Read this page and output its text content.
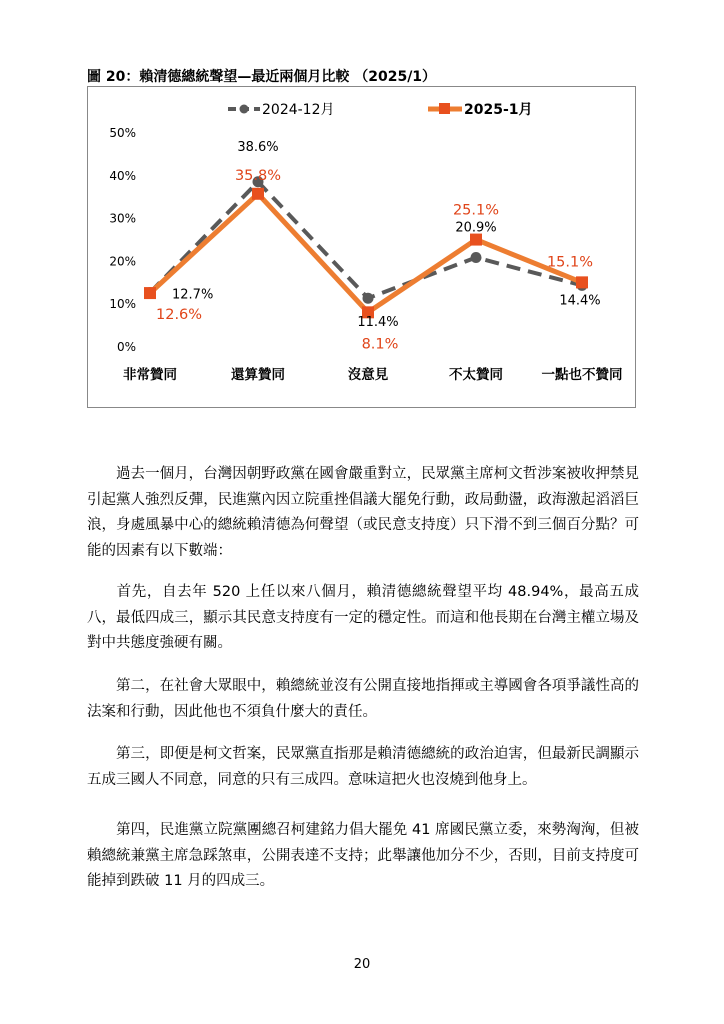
圖 20：賴清德總統聲望—最近兩個月比較 （2025/1）
2024-12月	2025-1月
0%
10%
20%
30%
40%
50%
非常贊同	還算贊同	沒意見	不太贊同	一點也不贊同
12.7%
38.6%
11.4%
20.9%
14.4%
12.6%
35.8%
8.1%
25.1%
15.1%
過去一個月，台灣因朝野政黨在國會嚴重對立，民眾黨主席柯文哲涉案被收押禁見引起黨人強烈反彈，民進黨內因立院重挫倡議大罷免行動，政局動盪，政海激起滔滔巨浪，身處風暴中心的總統賴清德為何聲望（或民意支持度）只下滑不到三個百分點？可能的因素有以下數端：
首先，自去年 520 上任以來八個月，賴清德總統聲望平均 48.94%，最高五成八，最低四成三，顯示其民意支持度有一定的穩定性。而這和他長期在台灣主權立場及對中共態度強硬有關。
第二，在社會大眾眼中，賴總統並沒有公開直接地指揮或主導國會各項爭議性高的法案和行動，因此他也不須負什麼大的責任。
第三，即便是柯文哲案，民眾黨直指那是賴清德總統的政治迫害，但最新民調顯示五成三國人不同意，同意的只有三成四。意味這把火也沒燒到他身上。
第四，民進黨立院黨團總召柯建銘力倡大罷免 41 席國民黨立委，來勢洶洶，但被賴總統兼黨主席急踩煞車，公開表達不支持；此舉讓他加分不少，否則，目前支持度可能掉到跌破 11 月的四成三。
20
